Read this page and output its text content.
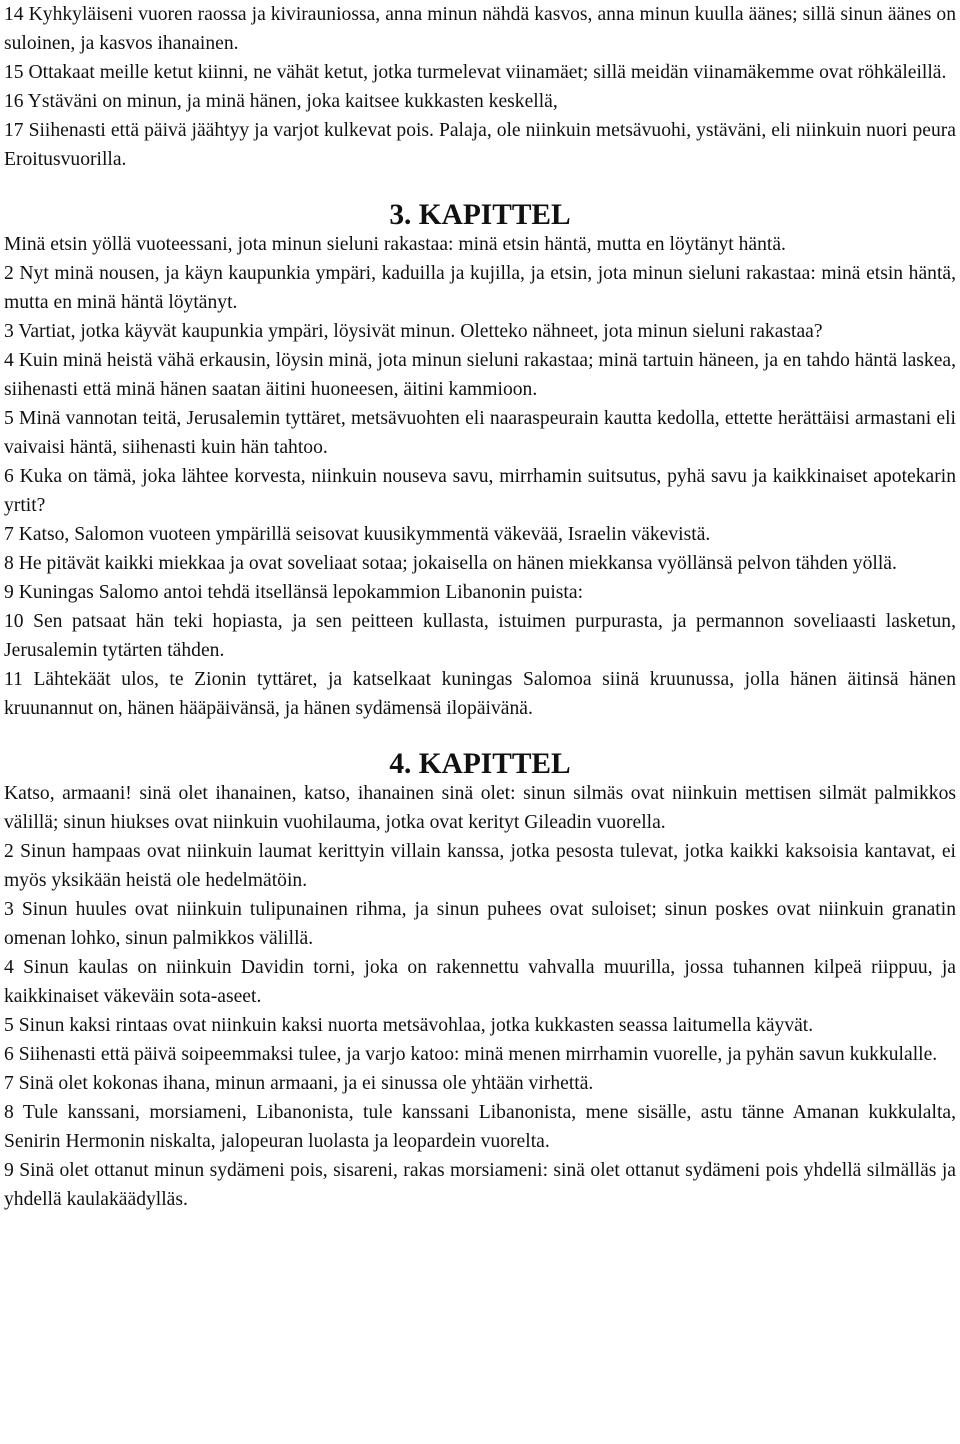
14 Kyhkyläiseni vuoren raossa ja kivirauniossa, anna minun nähdä kasvos, anna minun kuulla äänes; sillä sinun äänes on suloinen, ja kasvos ihanainen.

15 Ottakaat meille ketut kiinni, ne vähät ketut, jotka turmelevat viinamäet; sillä meidän viinamäkemme ovat röhkäleillä.

16 Ystäväni on minun, ja minä hänen, joka kaitsee kukkasten keskellä,

17 Siihenasti että päivä jäähtyy ja varjot kulkevat pois. Palaja, ole niinkuin metsävuohi, ystäväni, eli niinkuin nuori peura Eroitusvuorilla.

3. KAPITTEL

Minä etsin yöllä vuoteessani, jota minun sieluni rakastaa: minä etsin häntä, mutta en löytänyt häntä.

2 Nyt minä nousen, ja käyn kaupunkia ympäri, kaduilla ja kujilla, ja etsin, jota minun sieluni rakastaa: minä etsin häntä, mutta en minä häntä löytänyt.

3 Vartiat, jotka käyvät kaupunkia ympäri, löysivät minun. Oletteko nähneet, jota minun sieluni rakastaa?

4 Kuin minä heistä vähä erkausin, löysin minä, jota minun sieluni rakastaa; minä tartuin häneen, ja en tahdo häntä laskea, siihenasti että minä hänen saatan äitini huoneesen, äitini kammioon.

5 Minä vannotan teitä, Jerusalemin tyttäret, metsävuohten eli naaraspeurain kautta kedolla, ettette herättäisi armastani eli vaivaisi häntä, siihenasti kuin hän tahtoo.

6 Kuka on tämä, joka lähtee korvesta, niinkuin nouseva savu, mirrhamin suitsutus, pyhä savu ja kaikkinaiset apotekarin yrtit?

7 Katso, Salomon vuoteen ympärillä seisovat kuusikymmentä väkevää, Israelin väkevistä.

8 He pitävät kaikki miekkaa ja ovat soveliaat sotaa; jokaisella on hänen miekkansa vyöllänsä pelvon tähden yöllä.

9 Kuningas Salomo antoi tehdä itsellänsä lepokammion Libanonin puista:

10 Sen patsaat hän teki hopiasta, ja sen peitteen kullasta, istuimen purpurasta, ja permannon soveliaasti lasketun, Jerusalemin tytärten tähden.

11 Lähtekäät ulos, te Zionin tyttäret, ja katselkaat kuningas Salomoa siinä kruunussa, jolla hänen äitinsä hänen kruunannut on, hänen hääpäivänsä, ja hänen sydämensä ilopäivänä.

4. KAPITTEL

Katso, armaani! sinä olet ihanainen, katso, ihanainen sinä olet: sinun silmäs ovat niinkuin mettisen silmät palmikkos välillä; sinun hiukses ovat niinkuin vuohilauma, jotka ovat kerityt Gileadin vuorella.

2 Sinun hampaas ovat niinkuin laumat kerittyin villain kanssa, jotka pesosta tulevat, jotka kaikki kaksoisia kantavat, ei myös yksikään heistä ole hedelmätöin.

3 Sinun huules ovat niinkuin tulipunainen rihma, ja sinun puhees ovat suloiset; sinun poskes ovat niinkuin granatin omenan lohko, sinun palmikkos välillä.

4 Sinun kaulas on niinkuin Davidin torni, joka on rakennettu vahvalla muurilla, jossa tuhannen kilpeä riippuu, ja kaikkinaiset väkeväin sota-aseet.

5 Sinun kaksi rintaas ovat niinkuin kaksi nuorta metsävohlaa, jotka kukkasten seassa laitumella käyvät.

6 Siihenasti että päivä soipeemmaksi tulee, ja varjo katoo: minä menen mirrhamin vuorelle, ja pyhän savun kukkulalle.

7 Sinä olet kokonas ihana, minun armaani, ja ei sinussa ole yhtään virhettä.

8 Tule kanssani, morsiameni, Libanonista, tule kanssani Libanonista, mene sisälle, astu tänne Amanan kukkulalta, Senirin Hermonin niskalta, jalopeuran luolasta ja leopardein vuorelta.

9 Sinä olet ottanut minun sydämeni pois, sisareni, rakas morsiameni: sinä olet ottanut sydämeni pois yhdellä silmälläs ja yhdellä kaulakäädylläs.
